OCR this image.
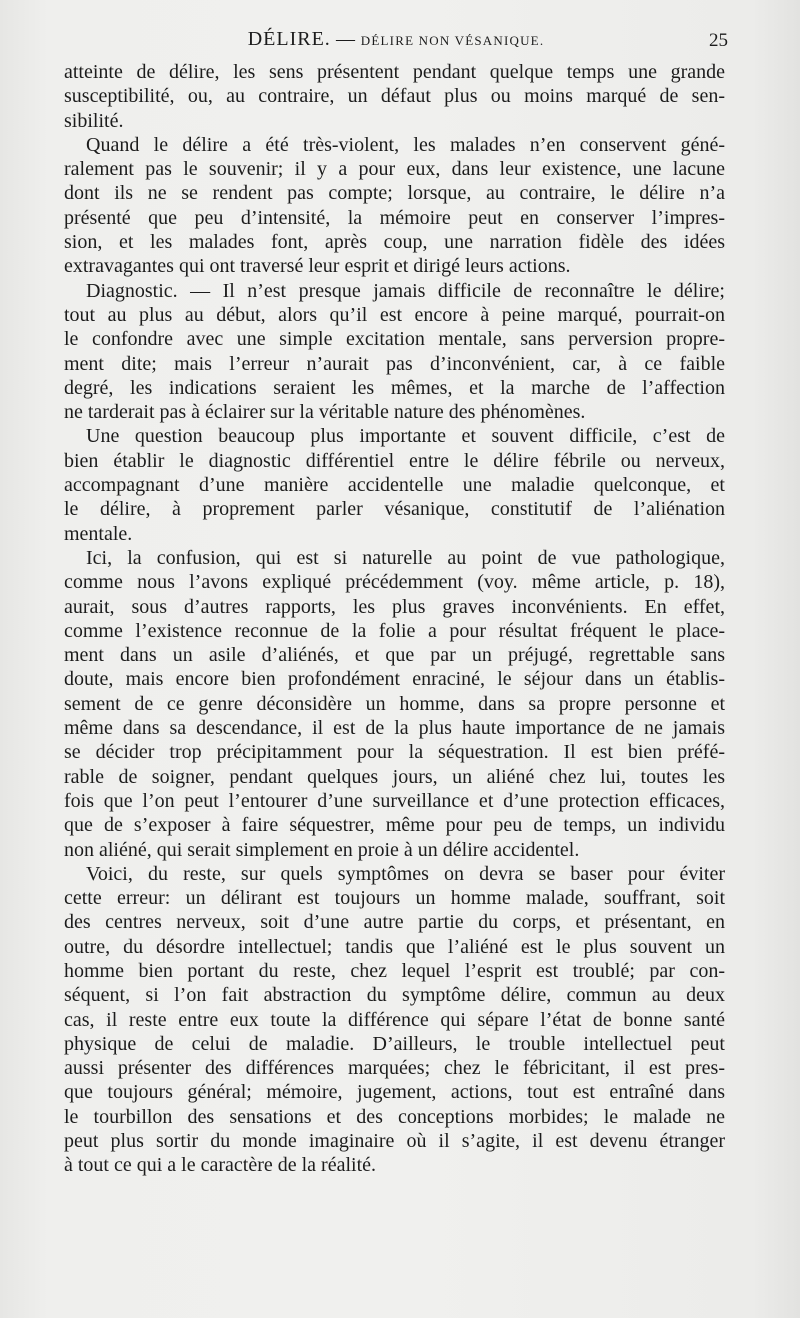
DÉLIRE. — DÉLIRE NON VÉSANIQUE.	25
atteinte de délire, les sens présentent pendant quelque temps une grande
susceptibilité, ou, au contraire, un défaut plus ou moins marqué de sen-
sibilité.
Quand le délire a été très-violent, les malades n’en conservent géné-
ralement pas le souvenir; il y a pour eux, dans leur existence, une lacune
dont ils ne se rendent pas compte; lorsque, au contraire, le délire n’a
présenté que peu d’intensité, la mémoire peut en conserver l’impres-
sion, et les malades font, après coup, une narration fidèle des idées
extravagantes qui ont traversé leur esprit et dirigé leurs actions.
Diagnostic. — Il n’est presque jamais difficile de reconnaître le délire;
tout au plus au début, alors qu’il est encore à peine marqué, pourrait-on
le confondre avec une simple excitation mentale, sans perversion propre-
ment dite; mais l’erreur n’aurait pas d’inconvénient, car, à ce faible
degré, les indications seraient les mêmes, et la marche de l’affection
ne tarderait pas à éclairer sur la véritable nature des phénomènes.
Une question beaucoup plus importante et souvent difficile, c’est de
bien établir le diagnostic différentiel entre le délire fébrile ou nerveux,
accompagnant d’une manière accidentelle une maladie quelconque, et
le délire, à proprement parler vésanique, constitutif de l’aliénation
mentale.
Ici, la confusion, qui est si naturelle au point de vue pathologique,
comme nous l’avons expliqué précédemment (voy. même article, p. 18),
aurait, sous d’autres rapports, les plus graves inconvénients. En effet,
comme l’existence reconnue de la folie a pour résultat fréquent le place-
ment dans un asile d’aliénés, et que par un préjugé, regrettable sans
doute, mais encore bien profondément enraciné, le séjour dans un établis-
sement de ce genre déconsidère un homme, dans sa propre personne et
même dans sa descendance, il est de la plus haute importance de ne jamais
se décider trop précipitamment pour la séquestration. Il est bien préfé-
rable de soigner, pendant quelques jours, un aliéné chez lui, toutes les
fois que l’on peut l’entourer d’une surveillance et d’une protection efficaces,
que de s’exposer à faire séquestrer, même pour peu de temps, un individu
non aliéné, qui serait simplement en proie à un délire accidentel.
Voici, du reste, sur quels symptômes on devra se baser pour éviter
cette erreur: un délirant est toujours un homme malade, souffrant, soit
des centres nerveux, soit d’une autre partie du corps, et présentant, en
outre, du désordre intellectuel; tandis que l’aliéné est le plus souvent un
homme bien portant du reste, chez lequel l’esprit est troublé; par con-
séquent, si l’on fait abstraction du symptôme délire, commun au deux
cas, il reste entre eux toute la différence qui sépare l’état de bonne santé
physique de celui de maladie. D’ailleurs, le trouble intellectuel peut
aussi présenter des différences marquées; chez le fébricitant, il est pres-
que toujours général; mémoire, jugement, actions, tout est entraîné dans
le tourbillon des sensations et des conceptions morbides; le malade ne
peut plus sortir du monde imaginaire où il s’agite, il est devenu étranger
à tout ce qui a le caractère de la réalité.
